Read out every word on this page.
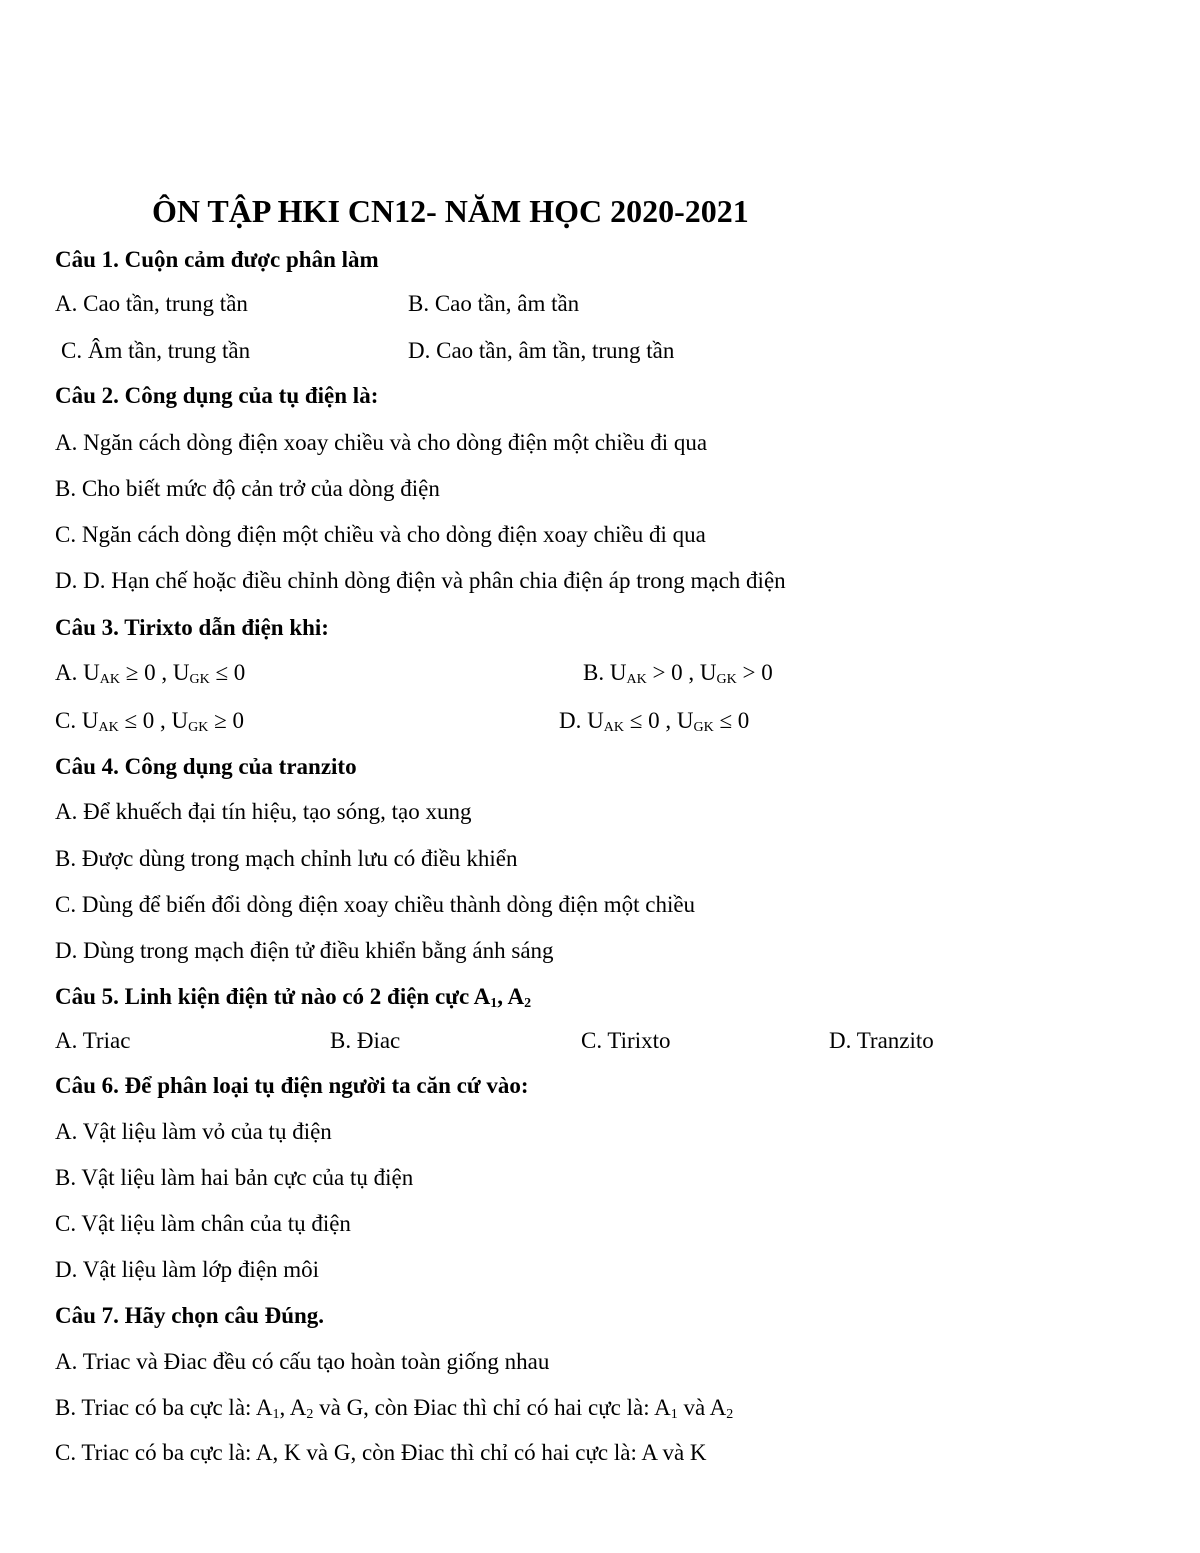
ÔN TẬP HKI CN12- NĂM HỌC 2020-2021
Câu 1. Cuộn cảm được phân làm
A. Cao tần, trung tần	B. Cao tần, âm tần
C. Âm tần, trung tần	D. Cao tần, âm tần, trung tần
Câu 2. Công dụng của tụ điện là:
A. Ngăn cách dòng điện xoay chiều và cho dòng điện một chiều đi qua
B. Cho biết mức độ cản trở của dòng điện
C. Ngăn cách dòng điện một chiều và cho dòng điện xoay chiều đi qua
D. D. Hạn chế hoặc điều chỉnh dòng điện và phân chia điện áp trong mạch điện
Câu 3. Tirixto dẫn điện khi:
A. $U_{AK} \ge 0$ , $U_{GK} \le 0$	B. $U_{AK} > 0$ , $U_{GK} > 0$
C. $U_{AK} \le 0$ , $U_{GK} \ge 0$	D. $U_{AK} \le 0$ , $U_{GK} \le 0$
Câu 4. Công dụng của tranzito
A. Để khuếch đại tín hiệu, tạo sóng, tạo xung
B. Được dùng trong mạch chỉnh lưu có điều khiển
C. Dùng để biến đổi dòng điện xoay chiều thành dòng điện một chiều
D. Dùng trong mạch điện tử điều khiển bằng ánh sáng
Câu 5. Linh kiện điện tử nào có 2 điện cực $A_1$, $A_2$
A. Triac	B. Điac	C. Tirixto	D. Tranzito
Câu 6. Để phân loại tụ điện người ta căn cứ vào:
A. Vật liệu làm vỏ của tụ điện
B. Vật liệu làm hai bản cực của tụ điện
C. Vật liệu làm chân của tụ điện
D. Vật liệu làm lớp điện môi
Câu 7. Hãy chọn câu Đúng.
A. Triac và Điac đều có cấu tạo hoàn toàn giống nhau
B. Triac có ba cực là: $A_1$, $A_2$ và G, còn Điac thì chỉ có hai cực là: $A_1$ và $A_2$
C. Triac có ba cực là: A, K và G, còn Điac thì chỉ có hai cực là: A và K
